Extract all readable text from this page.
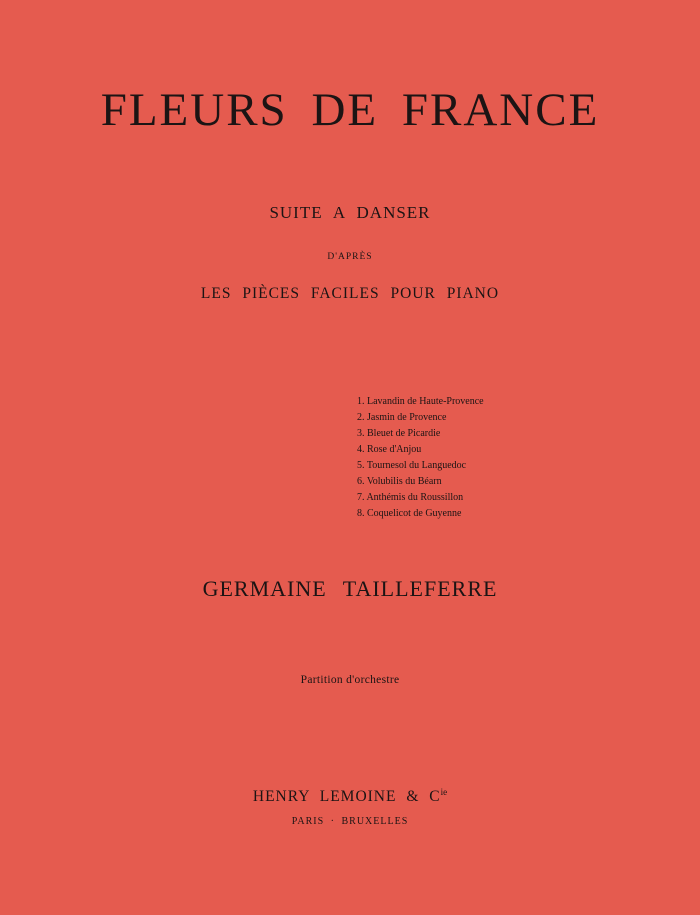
FLEURS DE FRANCE
SUITE A DANSER
D'APRÈS
LES PIÈCES FACILES POUR PIANO
1. Lavandin de Haute-Provence
2. Jasmin de Provence
3. Bleuet de Picardie
4. Rose d'Anjou
5. Tournesol du Languedoc
6. Volubilis du Béarn
7. Anthémis du Roussillon
8. Coquelicot de Guyenne
GERMAINE TAILLEFERRE
Partition d'orchestre
HENRY LEMOINE & $C^{ie}$
PARIS · BRUXELLES
